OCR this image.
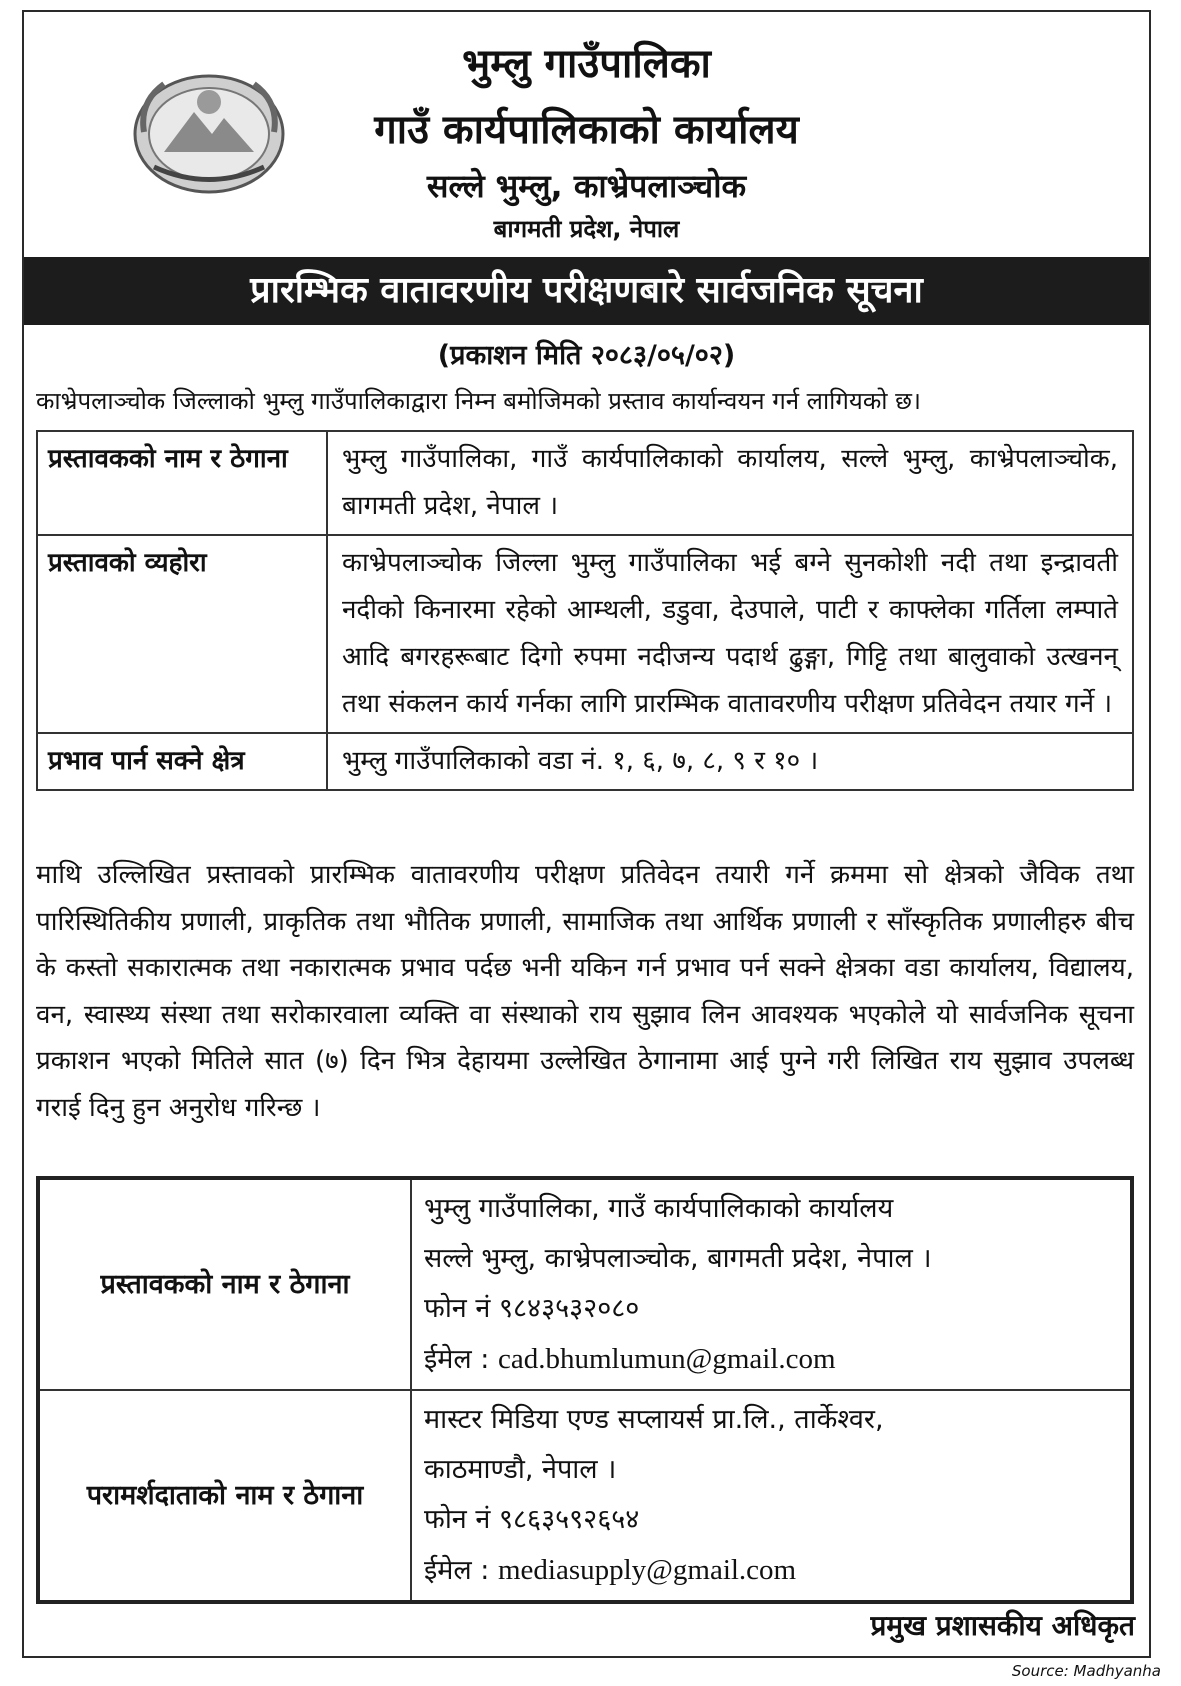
भुम्लु गाउँपालिका
गाउँ कार्यपालिकाको कार्यालय
सल्ले भुम्लु, काभ्रेपलाञ्चोक
बागमती प्रदेश, नेपाल
प्रारम्भिक वातावरणीय परीक्षणबारे सार्वजनिक सूचना
(प्रकाशन मिति २०८३/०५/०२)
काभ्रेपलाञ्चोक जिल्लाको भुम्लु गाउँपालिकाद्वारा निम्न बमोजिमको प्रस्ताव कार्यान्वयन गर्न लागियको छ।
प्रस्तावकको नाम र ठेगाना	भुम्लु गाउँपालिका, गाउँ कार्यपालिकाको कार्यालय, सल्ले भुम्लु, काभ्रेपलाञ्चोक, बागमती प्रदेश, नेपाल ।
प्रस्तावको व्यहोरा	काभ्रेपलाञ्चोक जिल्ला भुम्लु गाउँपालिका भई बग्ने सुनकोशी नदी तथा इन्द्रावती नदीको किनारमा रहेको आम्थली, डडुवा, देउपाले, पाटी र काफ्लेका गर्तिला लम्पाते आदि बगरहरूबाट दिगो रुपमा नदीजन्य पदार्थ ढुङ्गा, गिट्टि तथा बालुवाको उत्खनन् तथा संकलन कार्य गर्नका लागि प्रारम्भिक वातावरणीय परीक्षण प्रतिवेदन तयार गर्ने ।
प्रभाव पार्न सक्ने क्षेत्र	भुम्लु गाउँपालिकाको वडा नं. १, ६, ७, ८, ९ र १० ।
माथि उल्लिखित प्रस्तावको प्रारम्भिक वातावरणीय परीक्षण प्रतिवेदन तयारी गर्ने क्रममा सो क्षेत्रको जैविक तथा पारिस्थितिकीय प्रणाली, प्राकृतिक तथा भौतिक प्रणाली, सामाजिक तथा आर्थिक प्रणाली र साँस्कृतिक प्रणालीहरु बीच के कस्तो सकारात्मक तथा नकारात्मक प्रभाव पर्दछ भनी यकिन गर्न प्रभाव पर्न सक्ने क्षेत्रका वडा कार्यालय, विद्यालय, वन, स्वास्थ्य संस्था तथा सरोकारवाला व्यक्ति वा संस्थाको राय सुझाव लिन आवश्यक भएकोले यो सार्वजनिक सूचना प्रकाशन भएको मितिले सात (७) दिन भित्र देहायमा उल्लेखित ठेगानामा आई पुग्ने गरी लिखित राय सुझाव उपलब्ध गराई दिनु हुन अनुरोध गरिन्छ ।
प्रस्तावकको नाम र ठेगाना	भुम्लु गाउँपालिका, गाउँ कार्यपालिकाको कार्यालय
सल्ले भुम्लु, काभ्रेपलाञ्चोक, बागमती प्रदेश, नेपाल ।
फोन नं ९८४३५३२०८०
ईमेल : cad.bhumlumun@gmail.com

परामर्शदाताको नाम र ठेगाना	मास्टर मिडिया एण्ड सप्लायर्स प्रा.लि., तार्केश्वर,
काठमाण्डौ, नेपाल ।
फोन नं ९८६३५९२६५४
ईमेल : mediasupply@gmail.com
प्रमुख प्रशासकीय अधिकृत
Source: Madhyanha
